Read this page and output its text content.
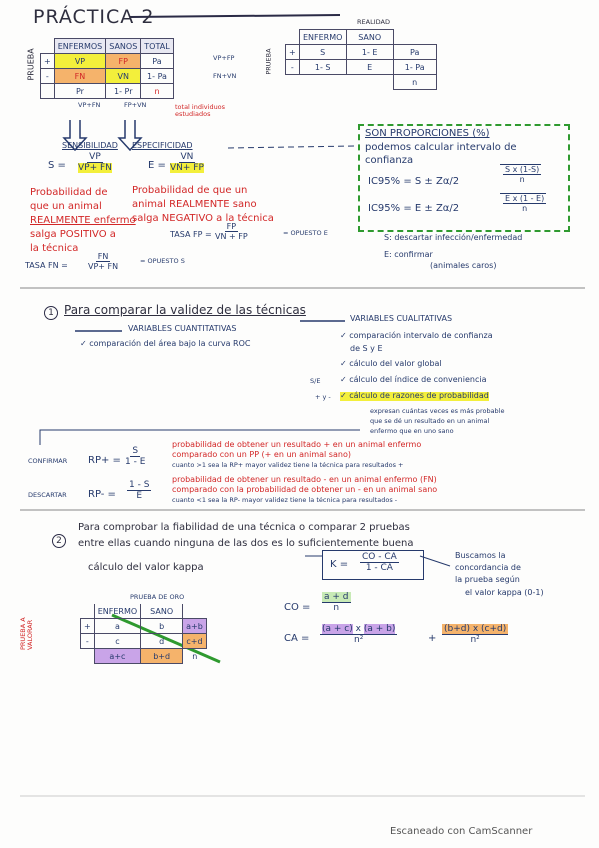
PRÁCTICA 2
PRUEBA
	ENFERMOS	SANOS	TOTAL
+	VP	FP	Pa
-	FN	VN	1- Pa
	Pr	1- Pr	n
VP+FP
FN+VN
VP+FN	FP+VN	total individuos estudiados
REALIDAD
PRUEBA
	ENFERMO	SANO	
+	S	1- E	Pa
-	1- S	E	1- Pa
			n
SENSIBILIDAD
$S = \frac{VP}{VP+ FN}$
Probabilidad de
que un animal
REALMENTE enfermo
salga POSITIVO a
la técnica
ESPECIFICIDAD
$E = \frac{VN}{VN+ FP}$
Probabilidad de que un
animal REALMENTE sano
salga NEGATIVO a la técnica
TASA FP = $\frac{FP}{VN + FP}$	= OPUESTO E
TASA FN =	$\frac{FN}{VP+ FN}$	= OPUESTO S
SON PROPORCIONES (%)
podemos calcular intervalo de
confianza
IC95% = S ± Zα/2	$\frac{\text{S x (1-S)}}{n}$
IC95% = E ± Zα/2	$\frac{\text{E x (1 - E)}}{n}$
S: descartar infección/enfermedad
E: confirmar
(animales caros)
1 Para comparar la validez de las técnicas
VARIABLES CUANTITATIVAS
✓ comparación del área bajo la curva ROC
VARIABLES CUALITATIVAS
✓ comparación intervalo de confianza
de S y E
✓ cálculo del valor global
✓ cálculo del índice de conveniencia
✓ cálculo de razones de probabilidad
S/E
+ y -
expresan cuántas veces es más probable
que se dé un resultado en un animal
enfermo que en uno sano
CONFIRMAR $RP+ = \frac{S}{1 - E}$
probabilidad de obtener un resultado + en un animal enfermo
comparado con un PP (+ en un animal sano)
cuanto >1 sea la RP+ mayor validez tiene la técnica para resultados +
DESCARTAR $RP- = \frac{1 - S}{E}$
probabilidad de obtener un resultado - en un animal enfermo (FN)
comparado con la probabilidad de obtener un - en un animal sano
cuanto <1 sea la RP- mayor validez tiene la técnica para resultados -
2
Para comprobar la fiabilidad de una técnica o comparar 2 pruebas
entre ellas cuando ninguna de las dos es lo suficientemente buena
cálculo del valor kappa	$K = \frac{CO - CA}{1 - CA}$	Buscamos la
concordancia de
la prueba según
el valor kappa (0-1)
PRUEBA DE ORO
PRUEBA A VALORAR
	ENFERMO	SANO	
+	a	b	a+b
-	c	d	c+d
	a+c	b+d	n
CO = $\frac{a + d}{n}$
CA = $\frac{(a + c) x (a + b)}{\text{n²}}$	+ $\frac{(b+d) x (c+d)}{\text{n²}}$
Escaneado con CamScanner
